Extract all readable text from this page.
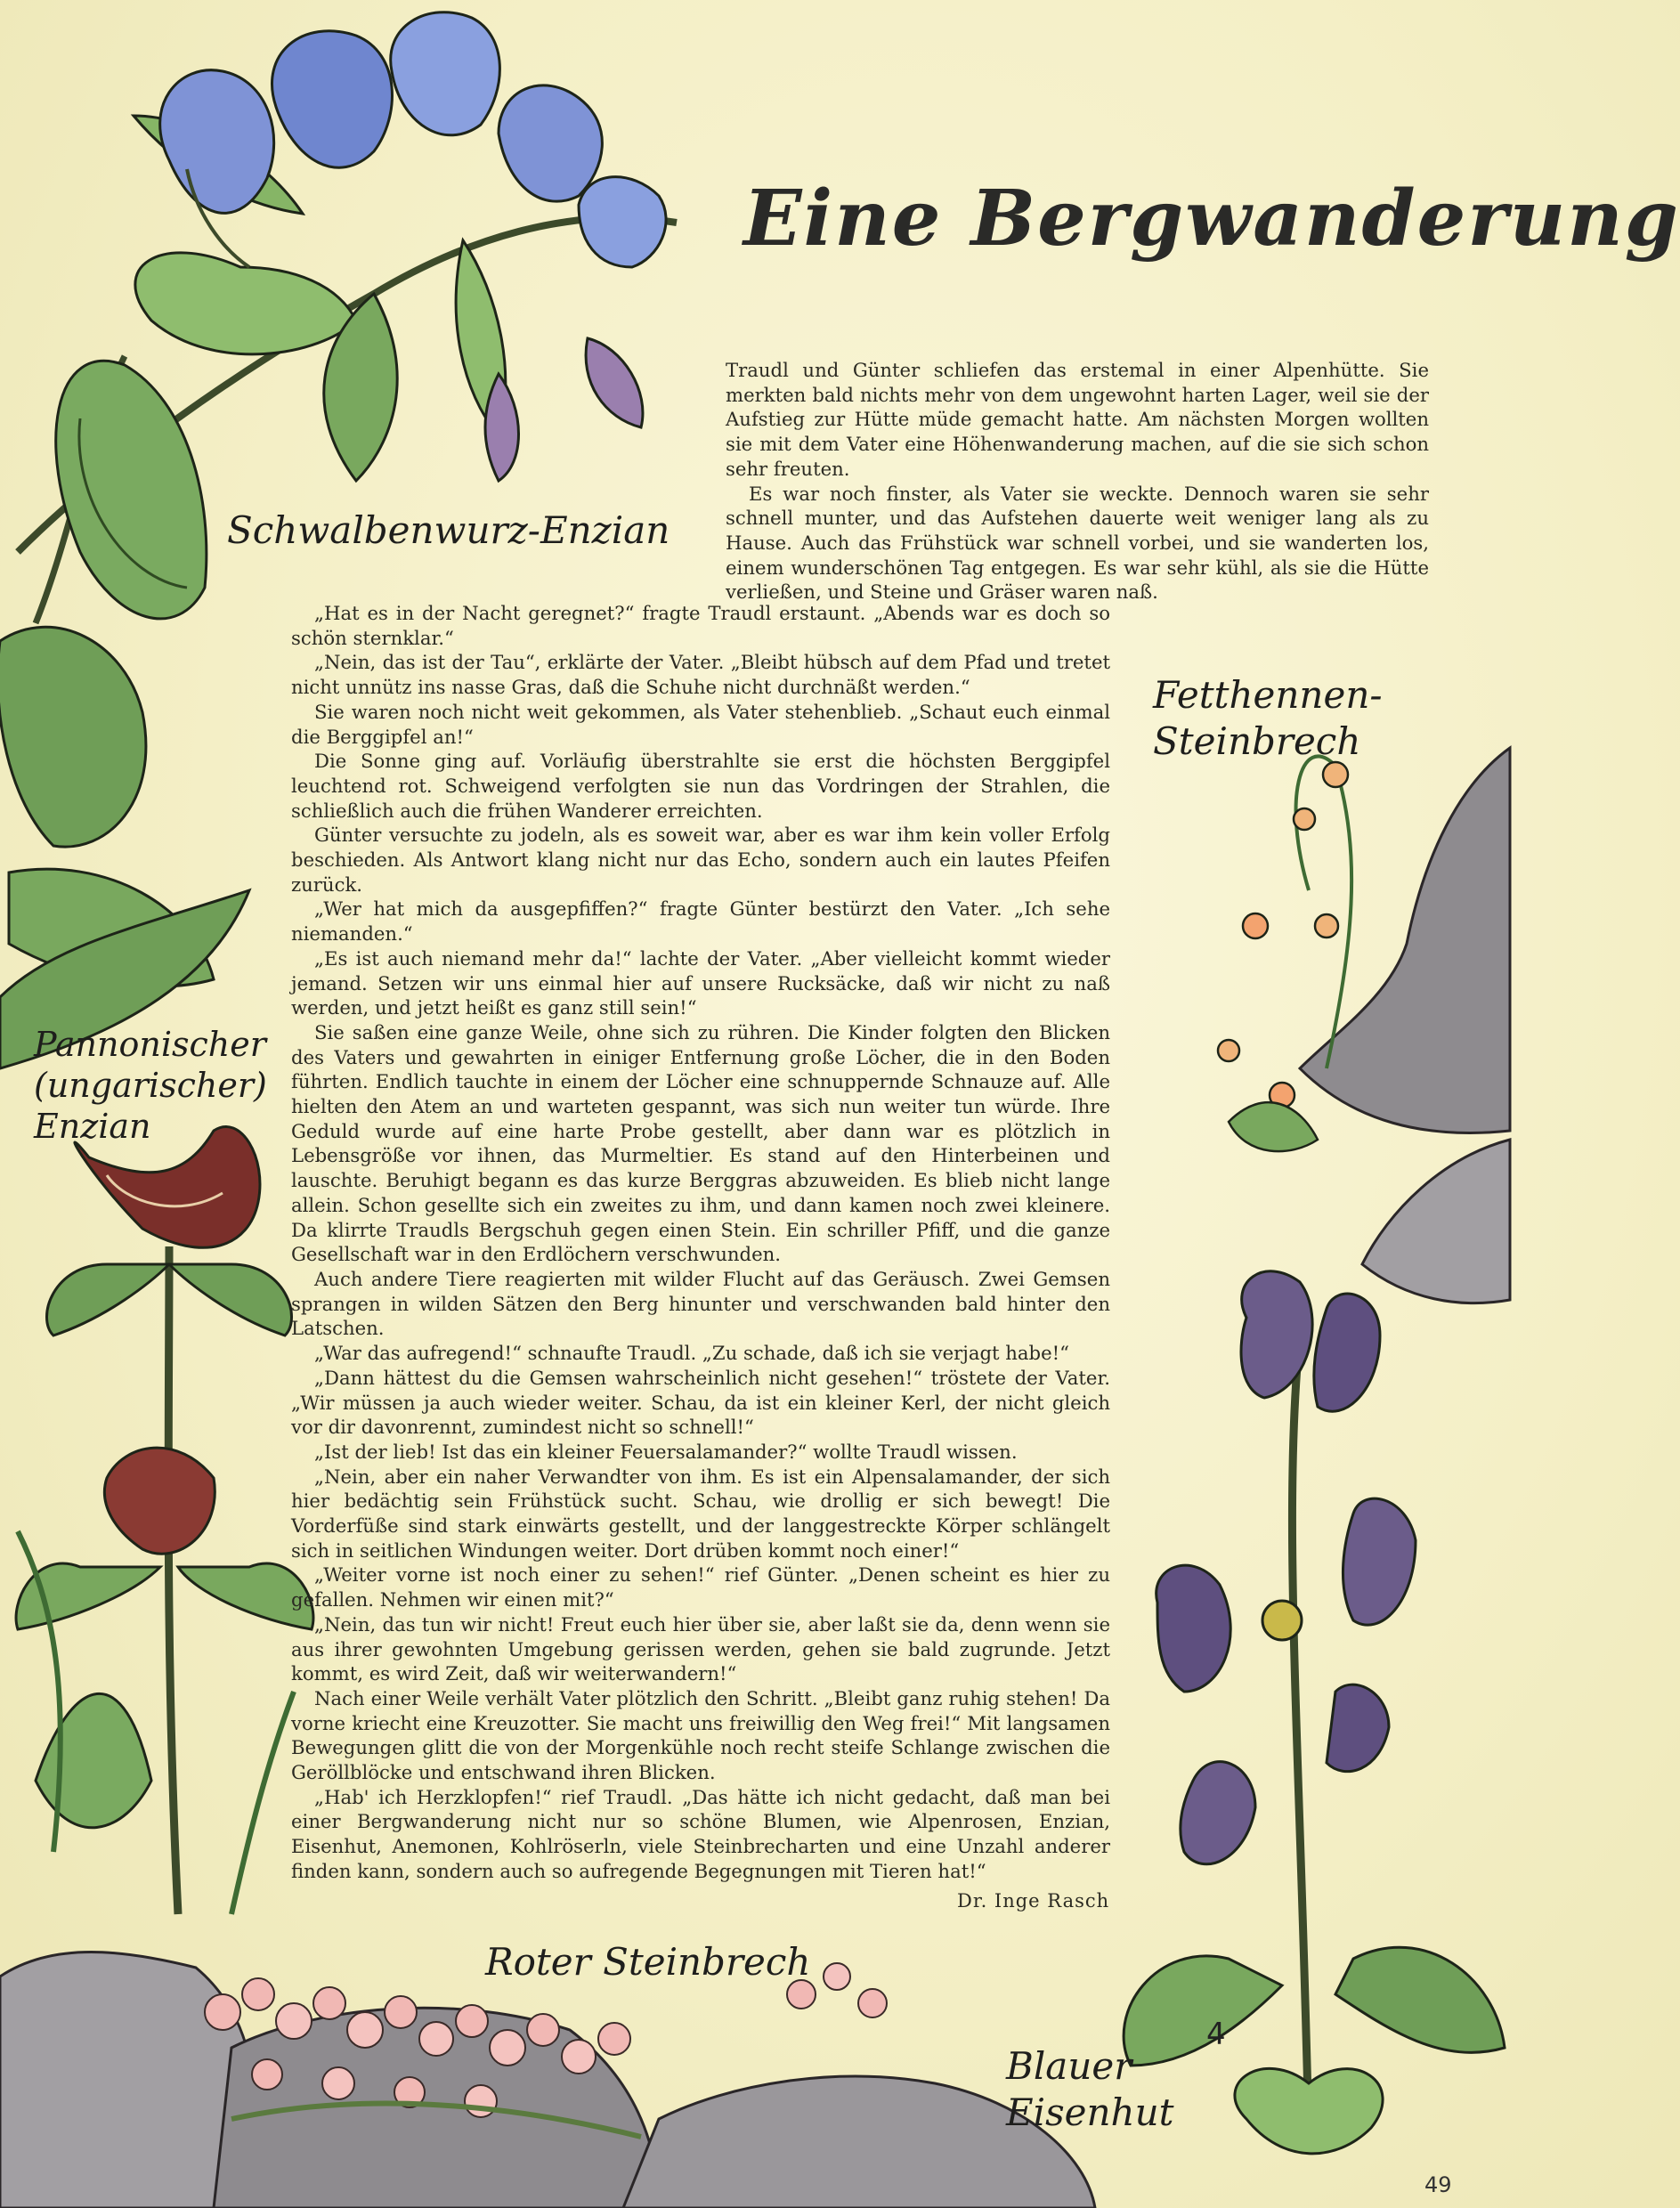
Eine Bergwanderung

Traudl und Günter schliefen das erstemal in einer Alpenhütte. Sie merkten bald nichts mehr von dem ungewohnt harten Lager, weil sie der Aufstieg zur Hütte müde gemacht hatte. Am nächsten Morgen wollten sie mit dem Vater eine Höhenwanderung machen, auf die sie sich schon sehr freuten.

Es war noch finster, als Vater sie weckte. Dennoch waren sie sehr schnell munter, und das Aufstehen dauerte weit weniger lang als zu Hause. Auch das Frühstück war schnell vorbei, und sie wanderten los, einem wunderschönen Tag entgegen. Es war sehr kühl, als sie die Hütte verließen, und Steine und Gräser waren naß.

„Hat es in der Nacht geregnet?“ fragte Traudl erstaunt. „Abends war es doch so schön sternklar.“

„Nein, das ist der Tau“, erklärte der Vater. „Bleibt hübsch auf dem Pfad und tretet nicht unnütz ins nasse Gras, daß die Schuhe nicht durchnäßt werden.“

Sie waren noch nicht weit gekommen, als Vater stehenblieb. „Schaut euch einmal die Berggipfel an!“

Die Sonne ging auf. Vorläufig überstrahlte sie erst die höchsten Berggipfel leuchtend rot. Schweigend verfolgten sie nun das Vordringen der Strahlen, die schließlich auch die frühen Wanderer erreichten.

Günter versuchte zu jodeln, als es soweit war, aber es war ihm kein voller Erfolg beschieden. Als Antwort klang nicht nur das Echo, sondern auch ein lautes Pfeifen zurück.

„Wer hat mich da ausgepfiffen?“ fragte Günter bestürzt den Vater. „Ich sehe niemanden.“

„Es ist auch niemand mehr da!“ lachte der Vater. „Aber vielleicht kommt wieder jemand. Setzen wir uns einmal hier auf unsere Rucksäcke, daß wir nicht zu naß werden, und jetzt heißt es ganz still sein!“

Sie saßen eine ganze Weile, ohne sich zu rühren. Die Kinder folgten den Blicken des Vaters und gewahrten in einiger Entfernung große Löcher, die in den Boden führten. Endlich tauchte in einem der Löcher eine schnuppernde Schnauze auf. Alle hielten den Atem an und warteten gespannt, was sich nun weiter tun würde. Ihre Geduld wurde auf eine harte Probe gestellt, aber dann war es plötzlich in Lebensgröße vor ihnen, das Murmeltier. Es stand auf den Hinterbeinen und lauschte. Beruhigt begann es das kurze Berggras abzuweiden. Es blieb nicht lange allein. Schon gesellte sich ein zweites zu ihm, und dann kamen noch zwei kleinere. Da klirrte Traudls Bergschuh gegen einen Stein. Ein schriller Pfiff, und die ganze Gesellschaft war in den Erdlöchern verschwunden.

Auch andere Tiere reagierten mit wilder Flucht auf das Geräusch. Zwei Gemsen sprangen in wilden Sätzen den Berg hinunter und verschwanden bald hinter den Latschen.

„War das aufregend!“ schnaufte Traudl. „Zu schade, daß ich sie verjagt habe!“

„Dann hättest du die Gemsen wahrscheinlich nicht gesehen!“ tröstete der Vater. „Wir müssen ja auch wieder weiter. Schau, da ist ein kleiner Kerl, der nicht gleich vor dir davonrennt, zumindest nicht so schnell!“

„Ist der lieb! Ist das ein kleiner Feuersalamander?“ wollte Traudl wissen.

„Nein, aber ein naher Verwandter von ihm. Es ist ein Alpensalamander, der sich hier bedächtig sein Frühstück sucht. Schau, wie drollig er sich bewegt! Die Vorderfüße sind stark einwärts gestellt, und der langgestreckte Körper schlängelt sich in seitlichen Windungen weiter. Dort drüben kommt noch einer!“

„Weiter vorne ist noch einer zu sehen!“ rief Günter. „Denen scheint es hier zu gefallen. Nehmen wir einen mit?“

„Nein, das tun wir nicht! Freut euch hier über sie, aber laßt sie da, denn wenn sie aus ihrer gewohnten Umgebung gerissen werden, gehen sie bald zugrunde. Jetzt kommt, es wird Zeit, daß wir weiterwandern!“

Nach einer Weile verhält Vater plötzlich den Schritt. „Bleibt ganz ruhig stehen! Da vorne kriecht eine Kreuzotter. Sie macht uns freiwillig den Weg frei!“ Mit langsamen Bewegungen glitt die von der Morgenkühle noch recht steife Schlange zwischen die Geröllblöcke und entschwand ihren Blicken.

„Hab' ich Herzklopfen!“ rief Traudl. „Das hätte ich nicht gedacht, daß man bei einer Bergwanderung nicht nur so schöne Blumen, wie Alpenrosen, Enzian, Eisenhut, Anemonen, Kohlröserln, viele Steinbrecharten und eine Unzahl anderer finden kann, sondern auch so aufregende Begegnungen mit Tieren hat!“

Dr. Inge Rasch
Schwalbenwurz-Enzian
Fetthennen-
Steinbrech
Pannonischer
(ungarischer)
Enzian
Roter Steinbrech
Blauer
Eisenhut
4
49
